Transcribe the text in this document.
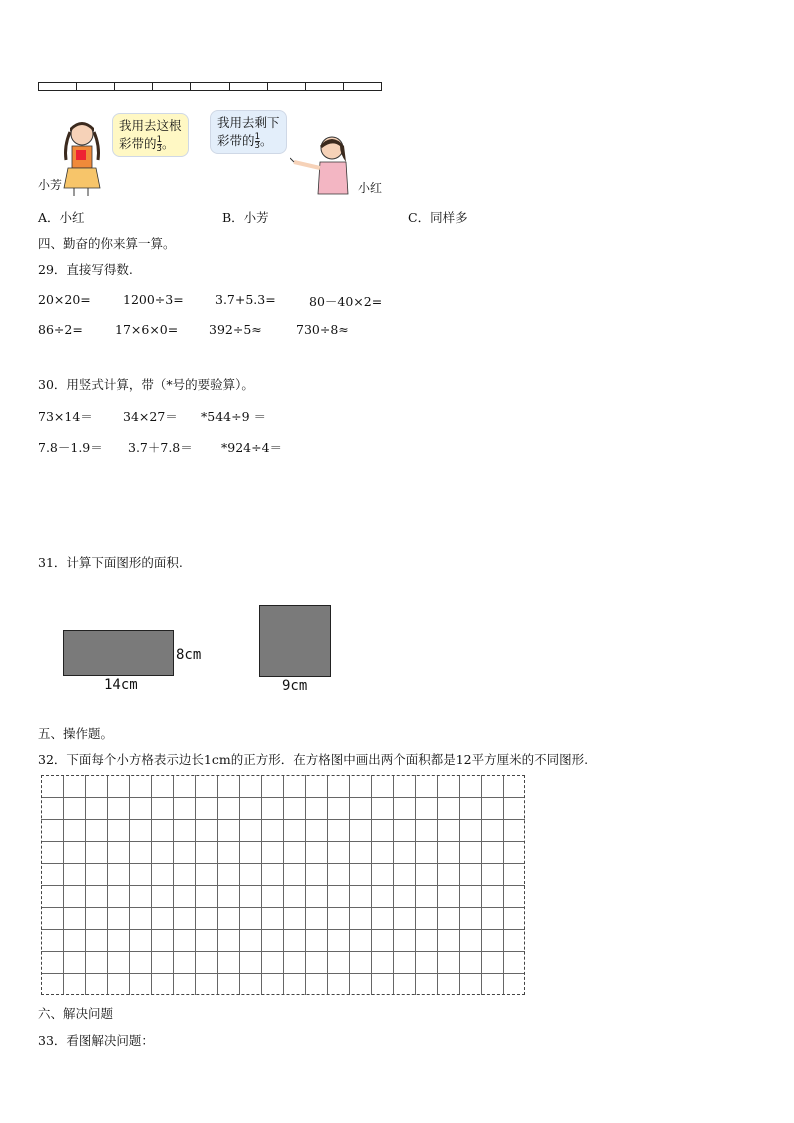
我用去这根
彩带的 $\frac{1}{3}$ 。
我用去剩下
彩带的 $\frac{1}{3}$ 。
小芳	小红
A．小红	B．小芳	C．同样多
四、勤奋的你来算一算。
29．直接写得数.
20×20=	1200÷3=	3.7+5.3=	80－40×2=
86÷2=	17×6×0= 392÷5≈	730÷8≈
30．用竖式计算，带（*号的要验算）。
73×14＝ 34×27＝ *544÷9 ＝
7.8－1.9＝ 3.7＋7.8＝ *924÷4＝
31．计算下面图形的面积.
8cm
14cm	9cm
五、操作题。
32．下面每个小方格表示边长1cm的正方形．在方格图中画出两个面积都是12平方厘米的不同图形.
六、解决问题
33．看图解决问题：
